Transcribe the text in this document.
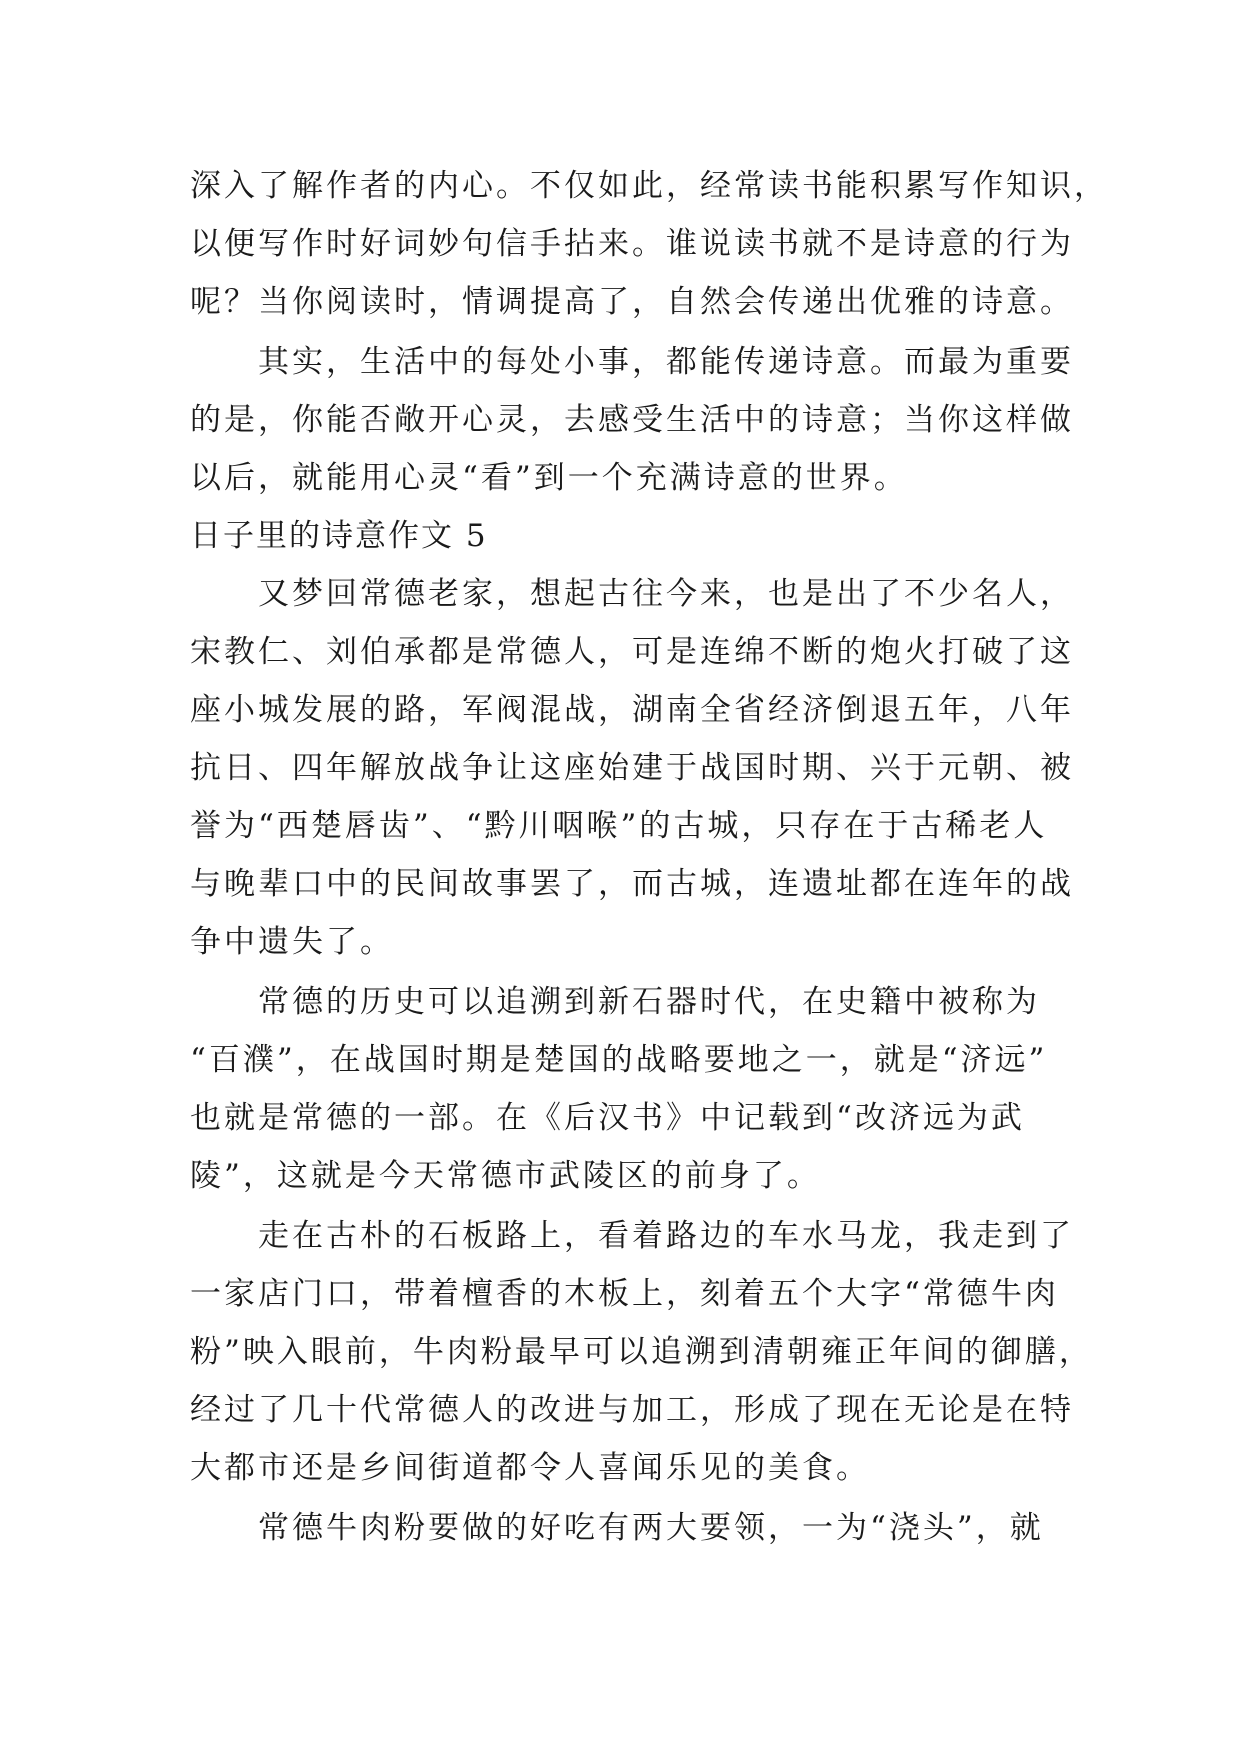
深入了解作者的内心。不仅如此，经常读书能积累写作知识，
以便写作时好词妙句信手拈来。谁说读书就不是诗意的行为
呢？当你阅读时，情调提高了，自然会传递出优雅的诗意。
　　其实，生活中的每处小事，都能传递诗意。而最为重要
的是，你能否敞开心灵，去感受生活中的诗意；当你这样做
以后，就能用心灵“看”到一个充满诗意的世界。
日子里的诗意作文 5
　　又梦回常德老家，想起古往今来，也是出了不少名人，
宋教仁、刘伯承都是常德人，可是连绵不断的炮火打破了这
座小城发展的路，军阀混战，湖南全省经济倒退五年，八年
抗日、四年解放战争让这座始建于战国时期、兴于元朝、被
誉为“西楚唇齿”、“黔川咽喉”的古城，只存在于古稀老人
与晚辈口中的民间故事罢了，而古城，连遗址都在连年的战
争中遗失了。
　　常德的历史可以追溯到新石器时代，在史籍中被称为
“百濮”，在战国时期是楚国的战略要地之一，就是“济远”
也就是常德的一部。在《后汉书》中记载到“改济远为武
陵”，这就是今天常德市武陵区的前身了。
　　走在古朴的石板路上，看着路边的车水马龙，我走到了
一家店门口，带着檀香的木板上，刻着五个大字“常德牛肉
粉”映入眼前，牛肉粉最早可以追溯到清朝雍正年间的御膳，
经过了几十代常德人的改进与加工，形成了现在无论是在特
大都市还是乡间街道都令人喜闻乐见的美食。
　　常德牛肉粉要做的好吃有两大要领，一为“浇头”，就
